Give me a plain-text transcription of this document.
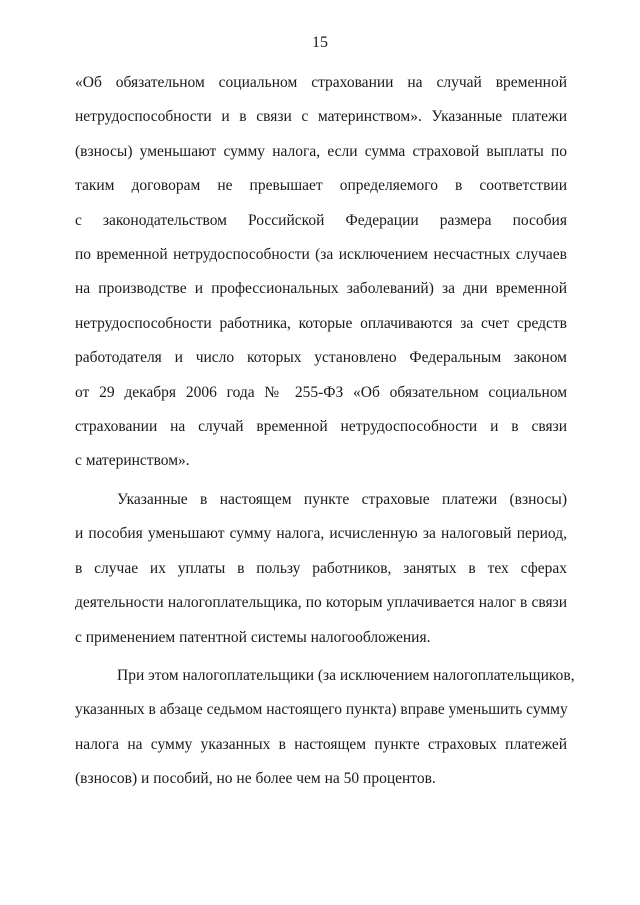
15

«Об обязательном социальном страховании на случай временной
нетрудоспособности и в связи с материнством». Указанные платежи
(взносы) уменьшают сумму налога, если сумма страховой выплаты по
таким договорам не превышает определяемого в соответствии
с законодательством Российской Федерации размера пособия
по временной нетрудоспособности (за исключением несчастных случаев
на производстве и профессиональных заболеваний) за дни временной
нетрудоспособности работника, которые оплачиваются за счет средств
работодателя и число которых установлено Федеральным законом
от 29 декабря 2006 года № 255-ФЗ «Об обязательном социальном
страховании на случай временной нетрудоспособности и в связи
с материнством».

Указанные в настоящем пункте страховые платежи (взносы)
и пособия уменьшают сумму налога, исчисленную за налоговый период,
в случае их уплаты в пользу работников, занятых в тех сферах
деятельности налогоплательщика, по которым уплачивается налог в связи
с применением патентной системы налогообложения.

При этом налогоплательщики (за исключением налогоплательщиков,
указанных в абзаце седьмом настоящего пункта) вправе уменьшить сумму
налога на сумму указанных в настоящем пункте страховых платежей
(взносов) и пособий, но не более чем на 50 процентов.
